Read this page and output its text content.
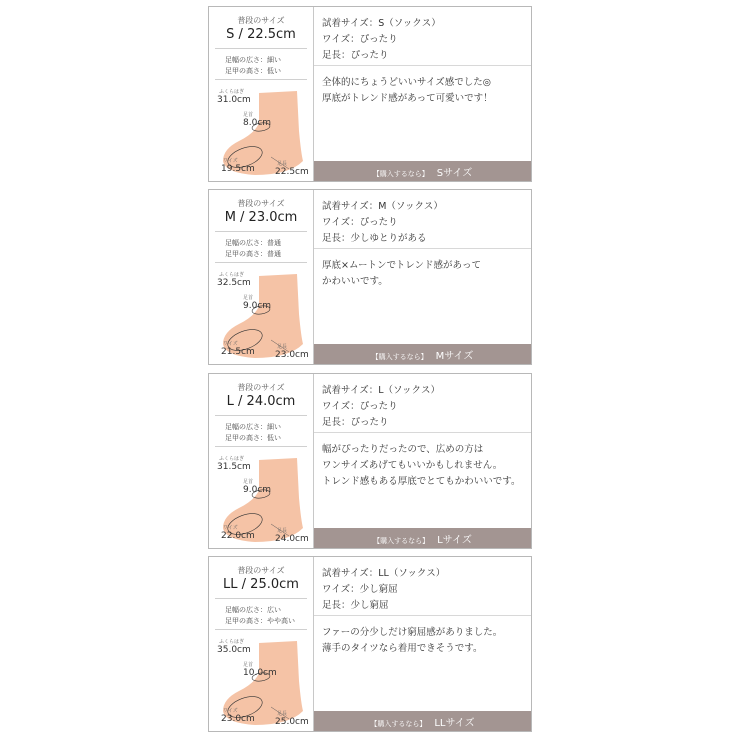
普段のサイズ
S / 22.5cm
足幅の広さ：細い
足甲の高さ：低い
ふくらはぎ
31.0cm
足首
8.0cm
ワイズ
19.5cm	足長
22.5cm
試着サイズ：S（ソックス）
ワイズ：ぴったり
足長：ぴったり
全体的にちょうどいいサイズ感でした◎
厚底がトレンド感があって可愛いです！
【購入するなら】 Sサイズ
普段のサイズ
M / 23.0cm
足幅の広さ：普通
足甲の高さ：普通
ふくらはぎ
32.5cm
足首
9.0cm
ワイズ
21.5cm	足長
23.0cm
試着サイズ：M（ソックス）
ワイズ：ぴったり
足長：少しゆとりがある
厚底×ムートンでトレンド感があって
かわいいです。
【購入するなら】 Mサイズ
普段のサイズ
L / 24.0cm
足幅の広さ：細い
足甲の高さ：低い
ふくらはぎ
31.5cm
足首
9.0cm
ワイズ
22.0cm	足長
24.0cm
試着サイズ：L（ソックス）
ワイズ：ぴったり
足長：ぴったり
幅がぴったりだったので、広めの方は
ワンサイズあげてもいいかもしれません。
トレンド感もある厚底でとてもかわいいです。
【購入するなら】 Lサイズ
普段のサイズ
LL / 25.0cm
足幅の広さ：広い
足甲の高さ：やや高い
ふくらはぎ
35.0cm
足首
10.0cm
ワイズ
23.0cm	足長
25.0cm
試着サイズ：LL（ソックス）
ワイズ：少し窮屈
足長：少し窮屈
ファーの分少しだけ窮屈感がありました。
薄手のタイツなら着用できそうです。
【購入するなら】 LLサイズ
